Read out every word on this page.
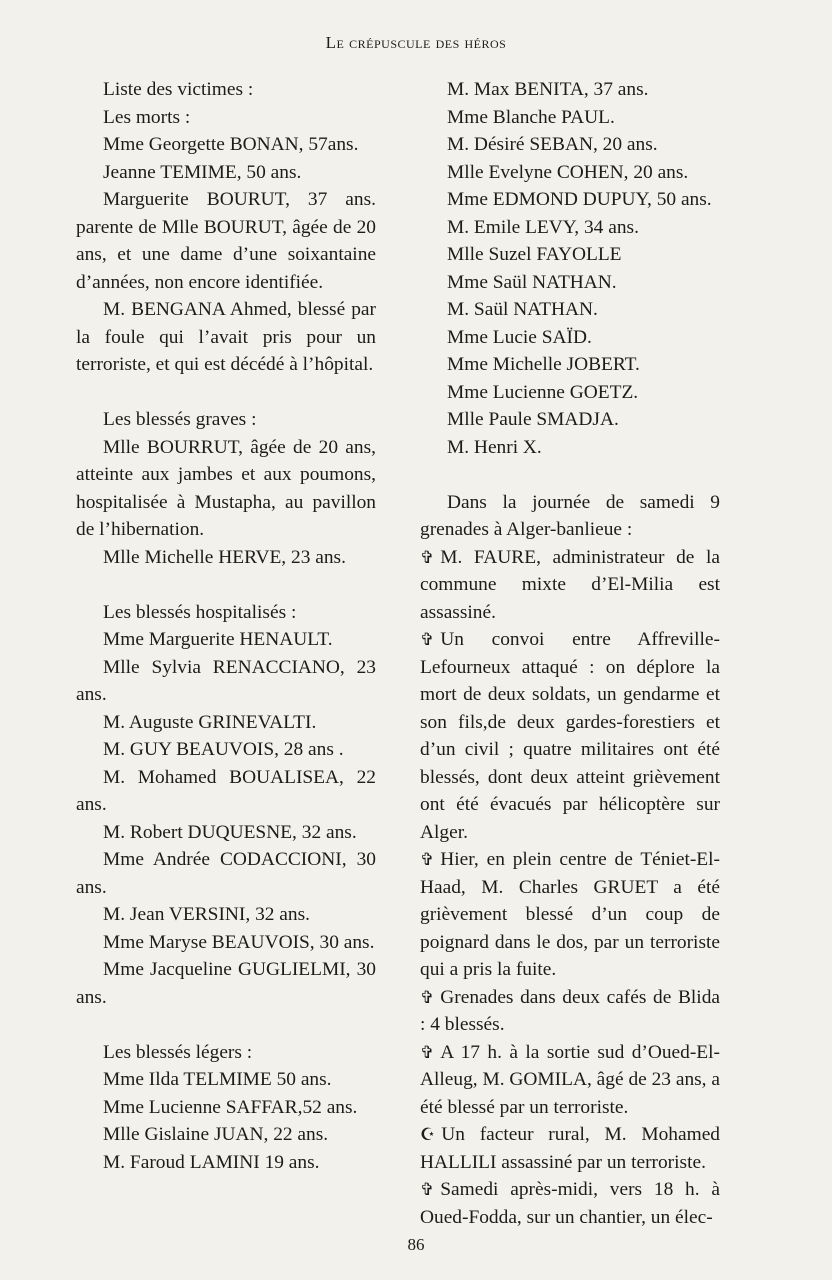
Le crépuscule des héros

Liste des victimes :

Les morts :

Mme Georgette BONAN, 57ans.

Jeanne TEMIME, 50 ans.

Marguerite BOURUT, 37 ans. parente de Mlle BOURUT, âgée de 20 ans, et une dame d’une soixantaine d’années, non encore identifiée.

M. BENGANA Ahmed, blessé par la foule qui l’avait pris pour un terroriste, et qui est décédé à l’hôpital.

Les blessés graves :

Mlle BOURRUT, âgée de 20 ans, atteinte aux jambes et aux poumons, hospitalisée à Mustapha, au pavillon de l’hibernation.

Mlle Michelle HERVE, 23 ans.

Les blessés hospitalisés :

Mme Marguerite HENAULT.

Mlle Sylvia RENACCIANO, 23 ans.

M. Auguste GRINEVALTI.

M. GUY BEAUVOIS, 28 ans .

M. Mohamed BOUALISEA, 22 ans.

M. Robert DUQUESNE, 32 ans.

Mme Andrée CODACCIONI, 30 ans.

M. Jean VERSINI, 32 ans.

Mme Maryse BEAUVOIS, 30 ans.

Mme Jacqueline GUGLIELMI, 30 ans.

Les blessés légers :

Mme Ilda TELMIME 50 ans.

Mme Lucienne SAFFAR,52 ans.

Mlle Gislaine JUAN, 22 ans.

M. Faroud LAMINI 19 ans.

M. Max BENITA, 37 ans.

Mme Blanche PAUL.

M. Désiré SEBAN, 20 ans.

Mlle Evelyne COHEN, 20 ans.

Mme EDMOND DUPUY, 50 ans.

M. Emile LEVY, 34 ans.

Mlle Suzel FAYOLLE

Mme Saül NATHAN.

M. Saül NATHAN.

Mme Lucie SAÏD.

Mme Michelle JOBERT.

Mme Lucienne GOETZ.

Mlle Paule SMADJA.

M. Henri X.

Dans la journée de samedi 9 grenades à Alger-banlieue :

✞ M. FAURE, administrateur de la commune mixte d’El-Milia est assassiné.

✞ Un convoi entre Affreville-Lefourneux attaqué : on déplore la mort de deux soldats, un gendarme et son fils,de deux gardes-forestiers et d’un civil ; quatre militaires ont été blessés, dont deux atteint grièvement ont été évacués par hélicoptère sur Alger.

✞ Hier, en plein centre de Téniet-El-Haad, M. Charles GRUET a été grièvement blessé d’un coup de poignard dans le dos, par un terroriste qui a pris la fuite.

✞ Grenades dans deux cafés de Blida : 4 blessés.

✞ A 17 h. à la sortie sud d’Oued-El-Alleug, M. GOMILA, âgé de 23 ans, a été blessé par un terroriste.

☪ Un facteur rural, M. Mohamed HALLILI assassiné par un terroriste.

✞ Samedi après-midi, vers 18 h. à Oued-Fodda, sur un chantier, un élec-

86
